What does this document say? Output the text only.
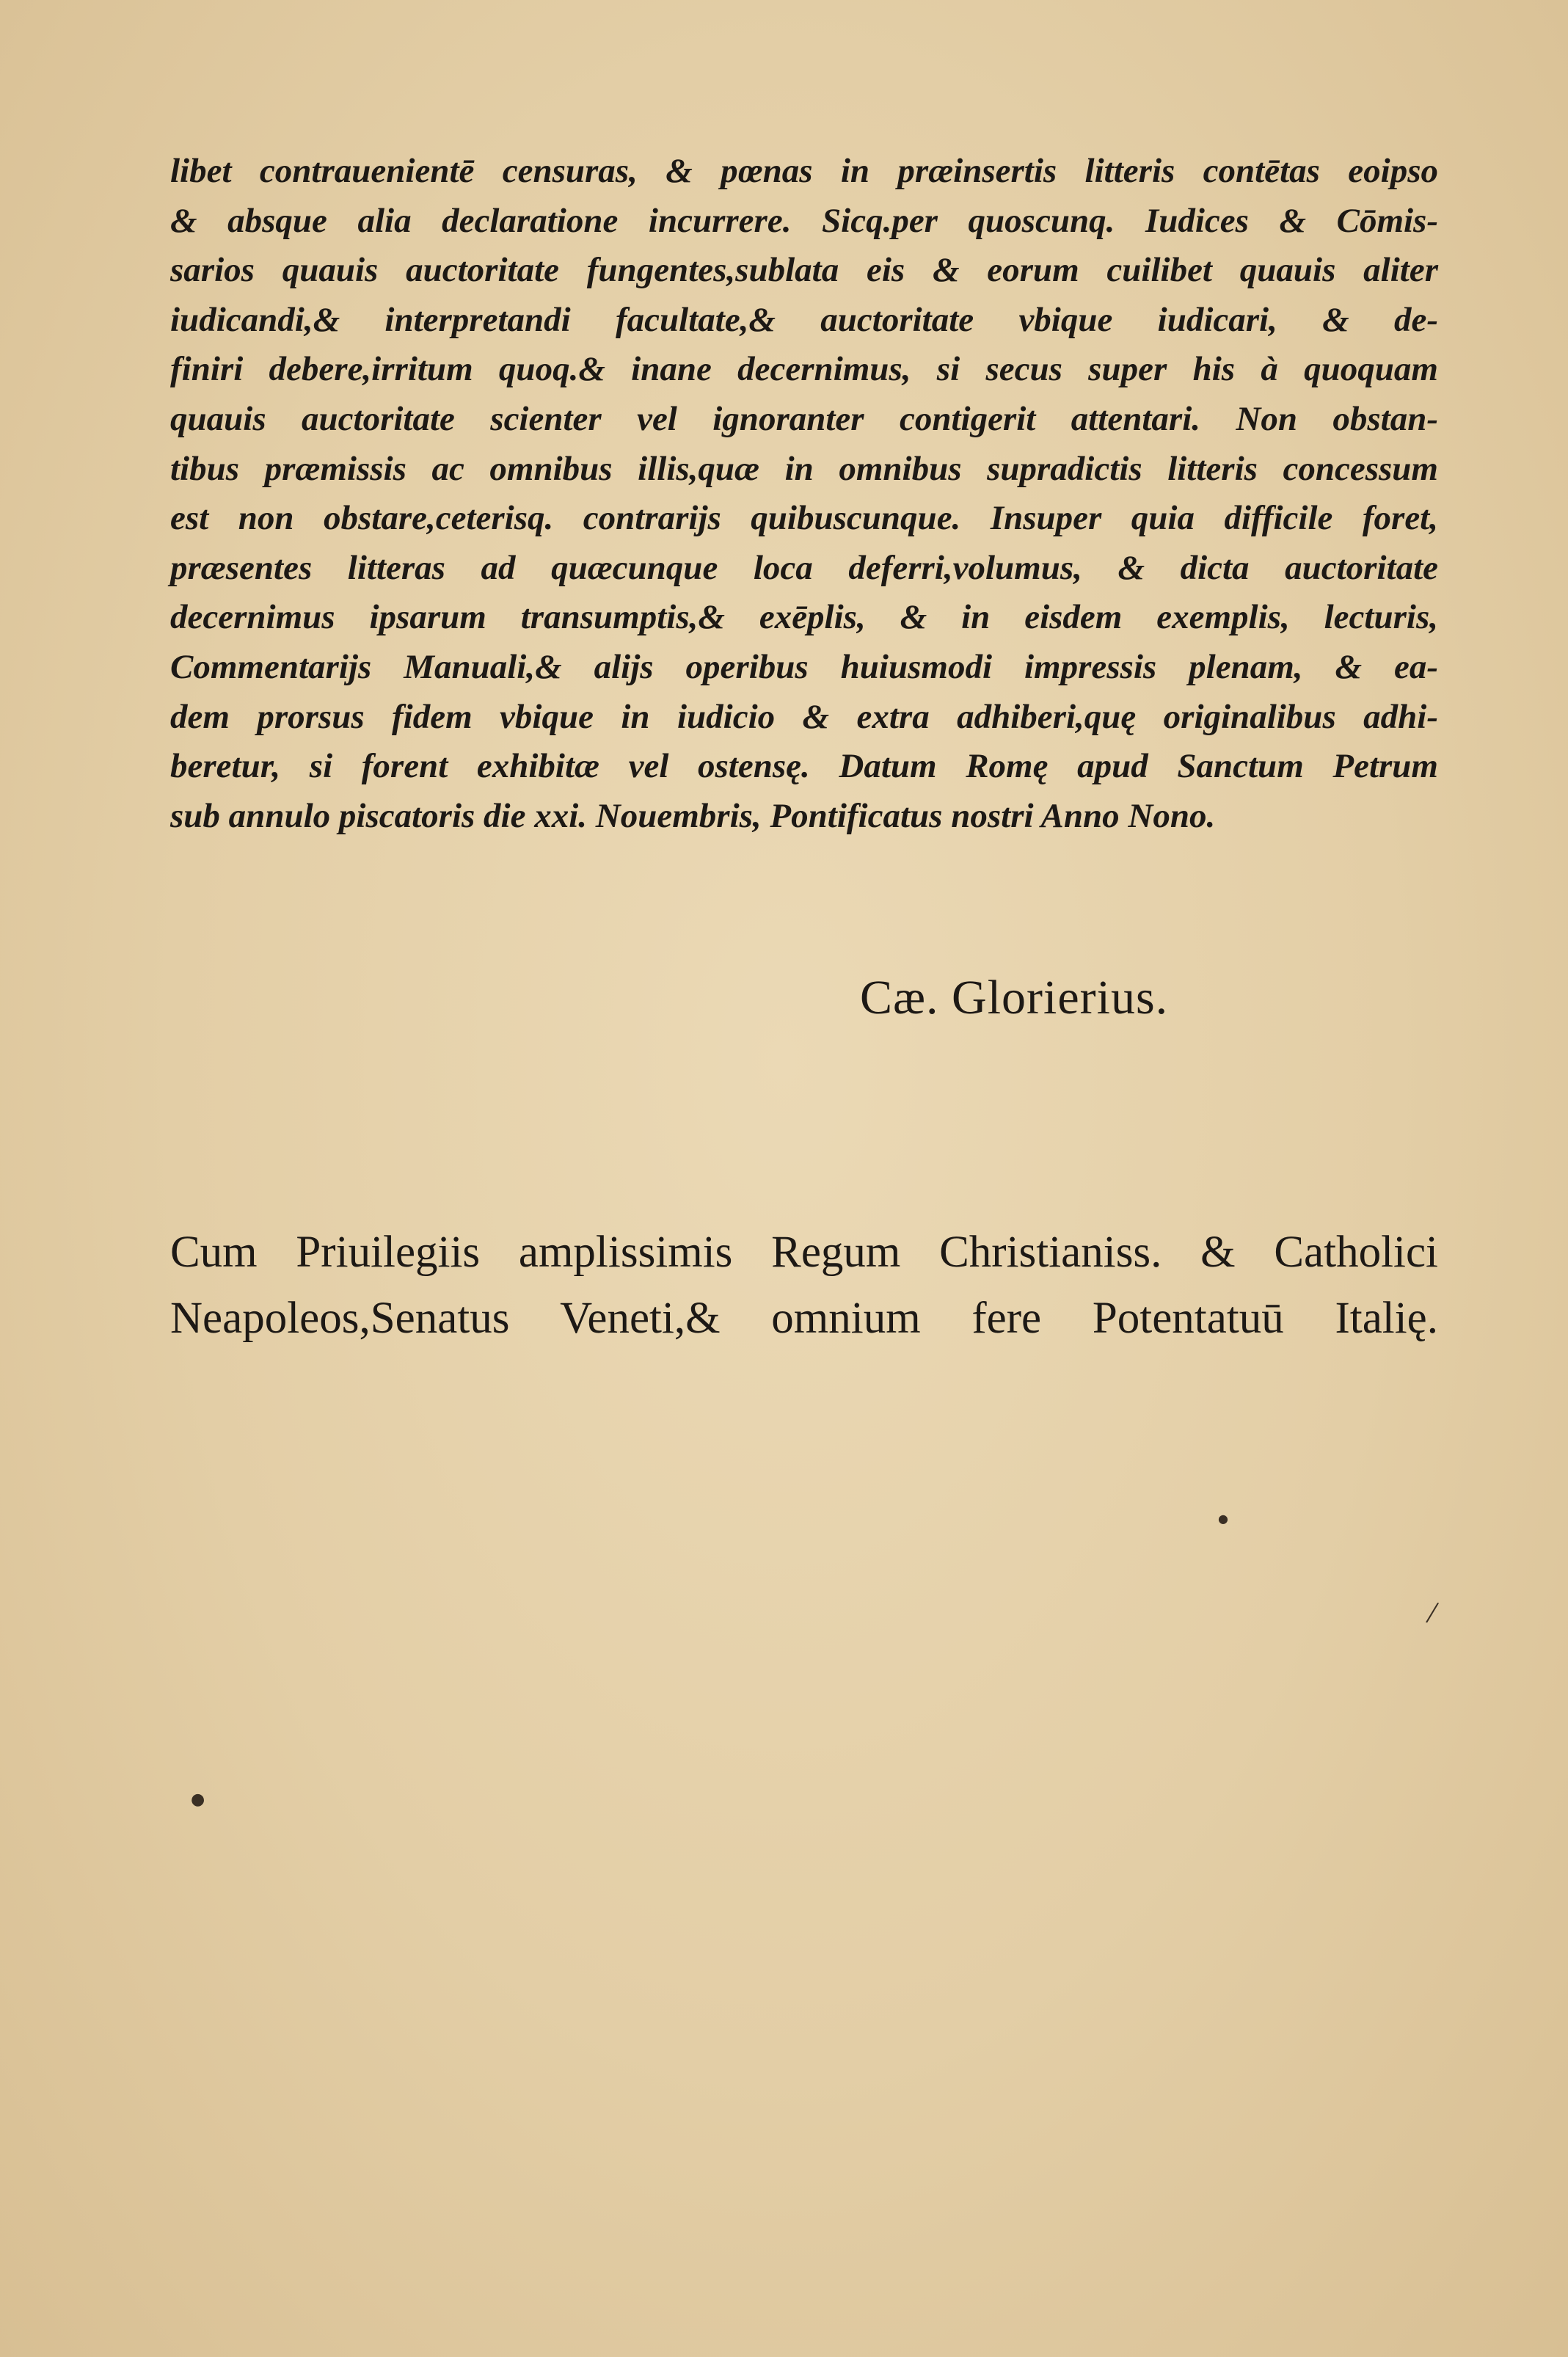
libet contrauenientē censuras, & pœnas in præinsertis litteris contētas eoipso
& absque alia declaratione incurrere. Sicq.per quoscunq. Iudices & Cōmis-
sarios quauis auctoritate fungentes,sublata eis & eorum cuilibet quauis aliter
iudicandi,& interpretandi facultate,& auctoritate vbique iudicari, & de-
finiri debere,irritum quoq.& inane decernimus, si secus super his à quoquam
quauis auctoritate scienter vel ignoranter contigerit attentari. Non obstan-
tibus præmissis ac omnibus illis,quæ in omnibus supradictis litteris concessum
est non obstare,ceterisq. contrarijs quibuscunque. Insuper quia difficile foret,
præsentes litteras ad quæcunque loca deferri,volumus, & dicta auctoritate
decernimus ipsarum transumptis,& exēplis, & in eisdem exemplis, lecturis,
Commentarijs Manuali,& alijs operibus huiusmodi impressis plenam, & ea-
dem prorsus fidem vbique in iudicio & extra adhiberi,quę originalibus adhi-
beretur, si forent exhibitæ vel ostensę. Datum Romę apud Sanctum Petrum
sub annulo piscatoris die xxi. Nouembris, Pontificatus nostri Anno Nono.
Cæ. Glorierius.
Cum Priuilegiis amplissimis Regum Christianiss. & Catholici
Neapoleos,Senatus Veneti,& omnium fere Potentatuū Italię.
●
●
/
